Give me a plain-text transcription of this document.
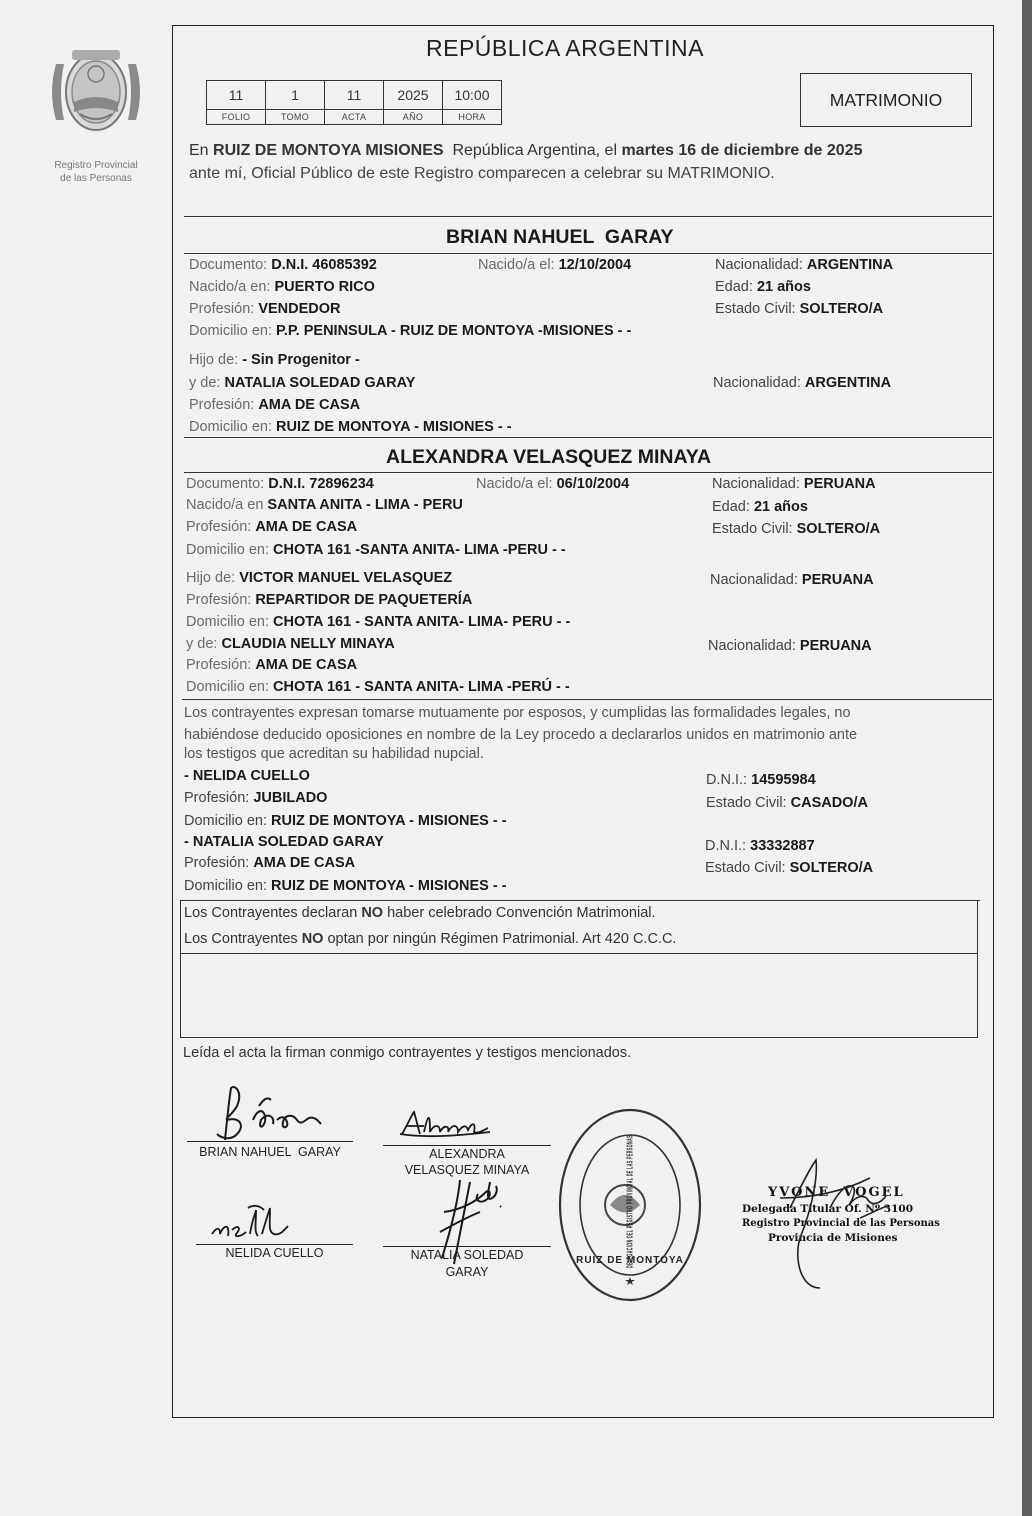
Registro Provincial
de las Personas
REPÚBLICA ARGENTINA
11	1	11	2025	10:00
FOLIO	TOMO	ACTA	AÑO	HORA
MATRIMONIO
En RUIZ DE MONTOYA MISIONES  República Argentina, el martes 16 de diciembre de 2025
ante mí, Oficial Público de este Registro comparecen a celebrar su MATRIMONIO.
BRIAN NAHUEL  GARAY
Documento: D.N.I. 46085392	Nacido/a el: 12/10/2004	Nacionalidad: ARGENTINA
Nacido/a en: PUERTO RICO	Edad: 21 años
Profesión: VENDEDOR	Estado Civil: SOLTERO/A
Domicilio en: P.P. PENINSULA - RUIZ DE MONTOYA -MISIONES - -
Hijo de: - Sin Progenitor -
y de: NATALIA SOLEDAD GARAY	Nacionalidad: ARGENTINA
Profesión: AMA DE CASA
Domicilio en: RUIZ DE MONTOYA - MISIONES - -
ALEXANDRA VELASQUEZ MINAYA
Documento: D.N.I. 72896234	Nacido/a el: 06/10/2004	Nacionalidad: PERUANA
Nacido/a en SANTA ANITA - LIMA - PERU	Edad: 21 años
Profesión: AMA DE CASA	Estado Civil: SOLTERO/A
Domicilio en: CHOTA 161 -SANTA ANITA- LIMA -PERU - -
Hijo de: VICTOR MANUEL VELASQUEZ	Nacionalidad: PERUANA
Profesión: REPARTIDOR DE PAQUETERÍA
Domicilio en: CHOTA 161 - SANTA ANITA- LIMA- PERU - -
y de: CLAUDIA NELLY MINAYA	Nacionalidad: PERUANA
Profesión: AMA DE CASA
Domicilio en: CHOTA 161 - SANTA ANITA- LIMA -PERÚ - -
Los contrayentes expresan tomarse mutuamente por esposos, y cumplidas las formalidades legales, no
habiéndose deducido oposiciones en nombre de la Ley procedo a declararlos unidos en matrimonio ante
los testigos que acreditan su habilidad nupcial.
- NELIDA CUELLO	D.N.I.: 14595984
Profesión: JUBILADO	Estado Civil: CASADO/A
Domicilio en: RUIZ DE MONTOYA - MISIONES - -
- NATALIA SOLEDAD GARAY	D.N.I.: 33332887
Profesión: AMA DE CASA	Estado Civil: SOLTERO/A
Domicilio en: RUIZ DE MONTOYA - MISIONES - -
Los Contrayentes declaran NO haber celebrado Convención Matrimonial.
Los Contrayentes NO optan por ningún Régimen Patrimonial. Art 420 C.C.C.
Leída el acta la firman conmigo contrayentes y testigos mencionados.
BRIAN NAHUEL  GARAY	ALEXANDRA
VELASQUEZ MINAYA
NELIDA CUELLO	NATALIA SOLEDAD
GARAY
DELEGACION DEL REGISTRO PROVINCIAL DE LAS PERSONAS
RUIZ DE MONTOYA
YVONE  VOGEL
Delegada Titular Of. Nº 3100
Registro Provincial de las Personas
Provincia de Misiones
